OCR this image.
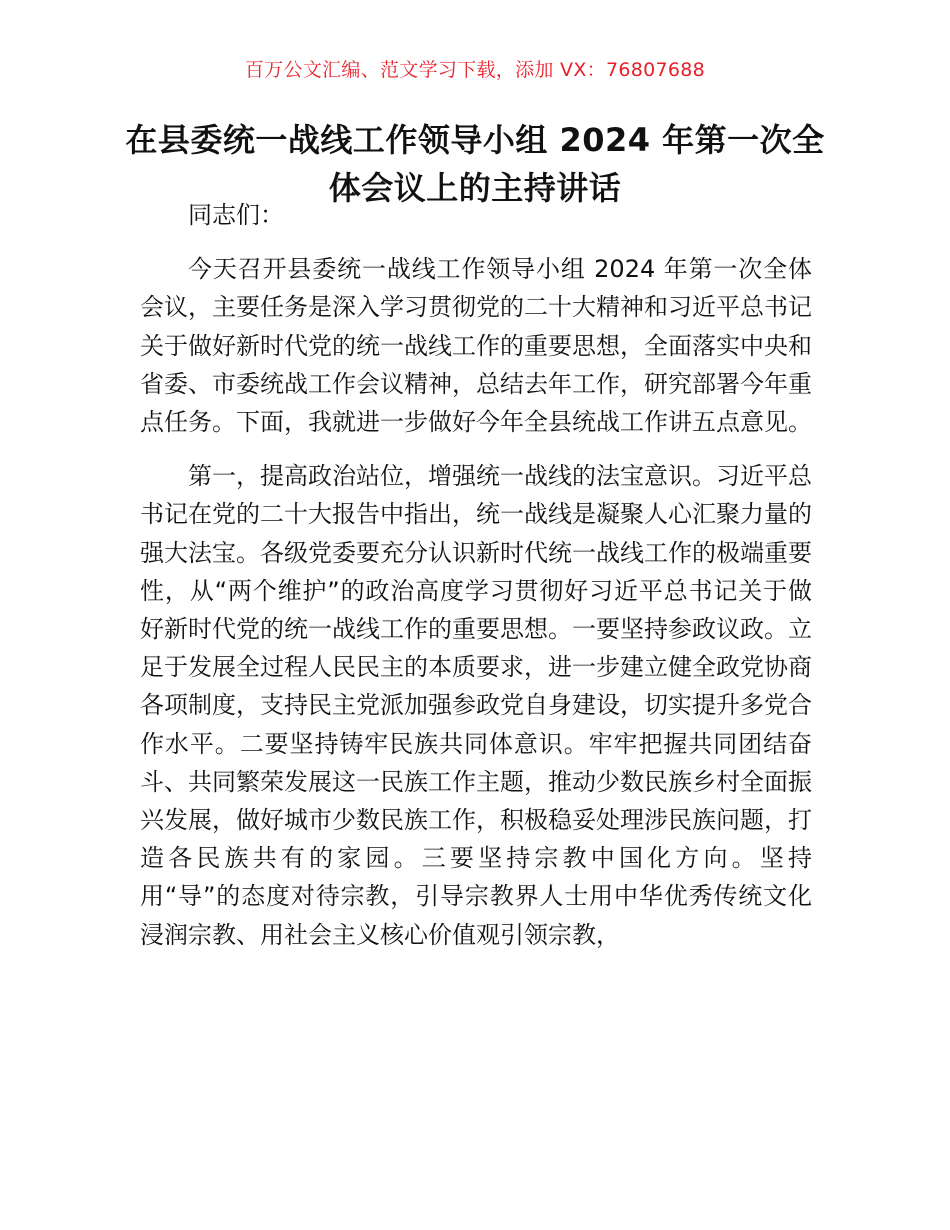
百万公文汇编、范文学习下载，添加 VX：76807688
在县委统一战线工作领导小组 2024 年第一次全体会议上的主持讲话

同志们：

今天召开县委统一战线工作领导小组 2024 年第一次全体会议，主要任务是深入学习贯彻党的二十大精神和习近平总书记关于做好新时代党的统一战线工作的重要思想，全面落实中央和省委、市委统战工作会议精神，总结去年工作，研究部署今年重点任务。下面，我就进一步做好今年全县统战工作讲五点意见。

第一，提高政治站位，增强统一战线的法宝意识。习近平总书记在党的二十大报告中指出，统一战线是凝聚人心汇聚力量的强大法宝。各级党委要充分认识新时代统一战线工作的极端重要性，从“两个维护”的政治高度学习贯彻好习近平总书记关于做好新时代党的统一战线工作的重要思想。一要坚持参政议政。立足于发展全过程人民民主的本质要求，进一步建立健全政党协商各项制度，支持民主党派加强参政党自身建设，切实提升多党合作水平。二要坚持铸牢民族共同体意识。牢牢把握共同团结奋斗、共同繁荣发展这一民族工作主题，推动少数民族乡村全面振兴发展，做好城市少数民族工作，积极稳妥处理涉民族问题，打造各民族共有的家园。三要坚持宗教中国化方向。坚持用“导”的态度对待宗教，引导宗教界人士用中华优秀传统文化浸润宗教、用社会主义核心价值观引领宗教，
